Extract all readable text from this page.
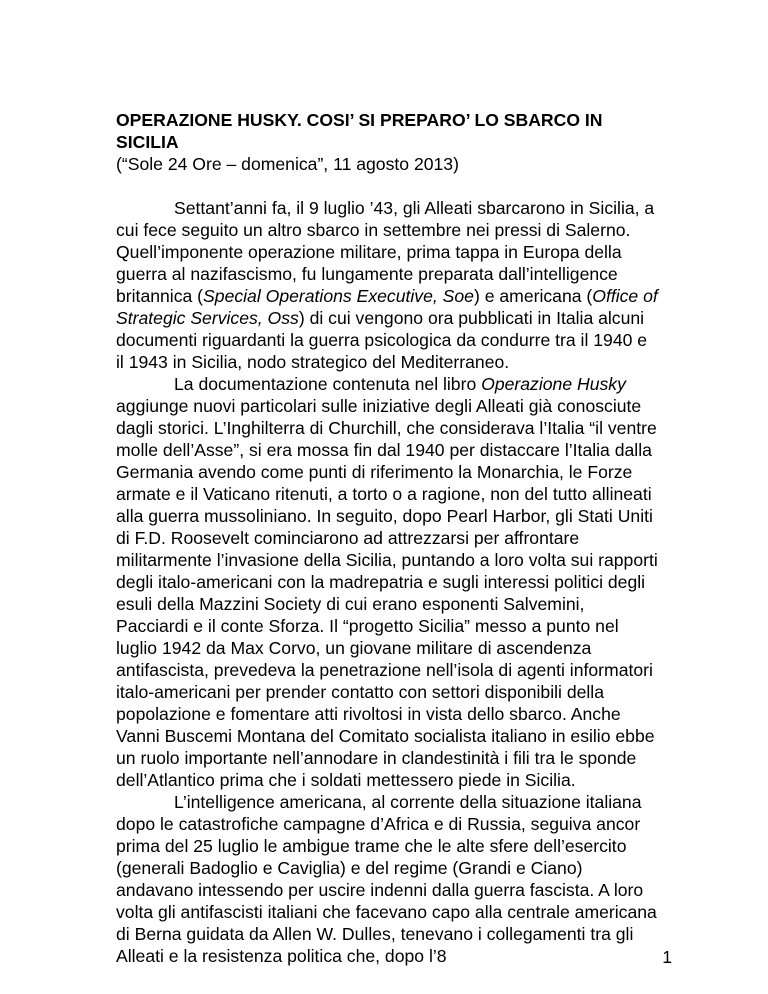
OPERAZIONE HUSKY. COSI’ SI PREPARO’ LO SBARCO IN SICILIA

(“Sole 24 Ore – domenica”, 11 agosto 2013)

Settant’anni fa, il 9 luglio ’43, gli Alleati sbarcarono in Sicilia, a cui fece seguito un altro sbarco in settembre nei pressi di Salerno. Quell’imponente operazione militare, prima tappa in Europa della guerra al nazifascismo, fu lungamente preparata dall’intelligence britannica (Special Operations Executive, Soe) e americana (Office of Strategic Services, Oss) di cui vengono ora pubblicati in Italia alcuni documenti riguardanti la guerra psicologica da condurre tra il 1940 e il 1943 in Sicilia, nodo strategico del Mediterraneo.

La documentazione contenuta nel libro Operazione Husky aggiunge nuovi particolari sulle iniziative degli Alleati già conosciute dagli storici. L’Inghilterra di Churchill, che considerava l’Italia “il ventre molle dell’Asse”, si era mossa fin dal 1940 per distaccare l’Italia dalla Germania avendo come punti di riferimento la Monarchia, le Forze armate e il Vaticano ritenuti, a torto o a ragione, non del tutto allineati alla guerra mussoliniano. In seguito, dopo Pearl Harbor, gli Stati Uniti di F.D. Roosevelt cominciarono ad attrezzarsi per affrontare militarmente l’invasione della Sicilia, puntando a loro volta sui rapporti degli italo-americani con la madrepatria e sugli interessi politici degli esuli della Mazzini Society di cui erano esponenti Salvemini, Pacciardi e il conte Sforza. Il “progetto Sicilia” messo a punto nel luglio 1942 da Max Corvo, un giovane militare di ascendenza antifascista, prevedeva la penetrazione nell’isola di agenti informatori italo-americani per prender contatto con settori disponibili della popolazione e fomentare atti rivoltosi in vista dello sbarco. Anche Vanni Buscemi Montana del Comitato socialista italiano in esilio ebbe un ruolo importante nell’annodare in clandestinità i fili tra le sponde dell’Atlantico prima che i soldati mettessero piede in Sicilia.

L’intelligence americana, al corrente della situazione italiana dopo le catastrofiche campagne d’Africa e di Russia, seguiva ancor prima del 25 luglio le ambigue trame che le alte sfere dell’esercito (generali Badoglio e Caviglia) e del regime (Grandi e Ciano) andavano intessendo per uscire indenni dalla guerra fascista. A loro volta gli antifascisti italiani che facevano capo alla centrale americana di Berna guidata da Allen W. Dulles, tenevano i collegamenti tra gli Alleati e la resistenza politica che, dopo l’8	1
